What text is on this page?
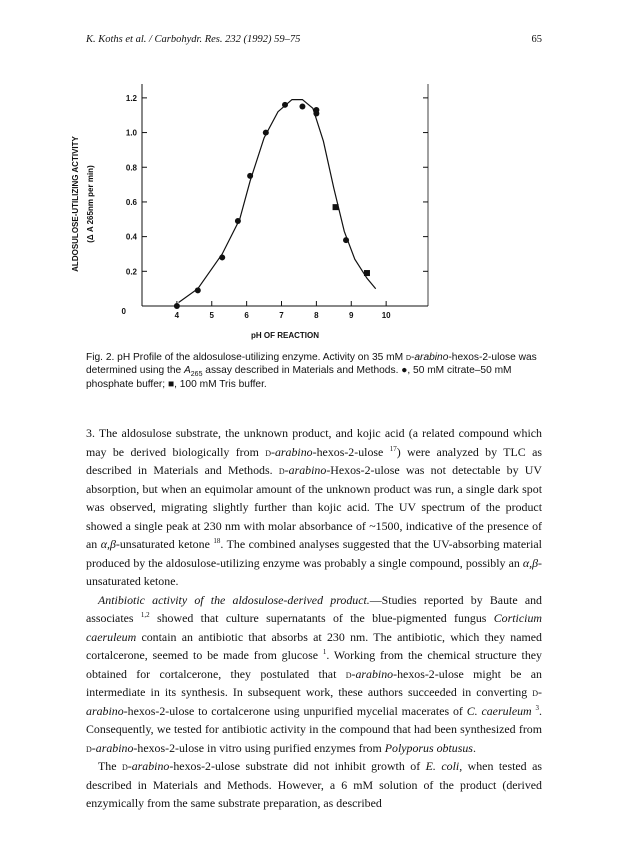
K. Koths et al. / Carbohydr. Res. 232 (1992) 59–75	65
0
0.2
0.4
0.6
0.8
1.0
1.2
4	5	6	7	8	9	10
pH OF REACTION
ALDOSULOSE-UTILIZING ACTIVITY (Δ A 265nm per min)

Fig. 2. pH Profile of the aldosulose-utilizing enzyme. Activity on 35 mM d-arabino-hexos-2-ulose was determined using the $A_{265}$ assay described in Materials and Methods. ●, 50 mM citrate–50 mM phosphate buffer; ■, 100 mM Tris buffer.

3. The aldosulose substrate, the unknown product, and kojic acid (a related compound which may be derived biologically from d-arabino-hexos-2-ulose $^{17}$) were analyzed by TLC as described in Materials and Methods. d-arabino-Hexos-2-ulose was not detectable by UV absorption, but when an equimolar amount of the unknown product was run, a single dark spot was observed, migrating slightly further than kojic acid. The UV spectrum of the product showed a single peak at 230 nm with molar absorbance of ~1500, indicative of the presence of an α,β-unsaturated ketone $^{18}$. The combined analyses suggested that the UV-absorbing material produced by the aldosulose-utilizing enzyme was probably a single compound, possibly an α,β-unsaturated ketone.

Antibiotic activity of the aldosulose-derived product.—Studies reported by Baute and associates $^{1,2}$ showed that culture supernatants of the blue-pigmented fungus Corticium caeruleum contain an antibiotic that absorbs at 230 nm. The antibiotic, which they named cortalcerone, seemed to be made from glucose $^1$. Working from the chemical structure they obtained for cortalcerone, they postulated that d-arabino-hexos-2-ulose might be an intermediate in its synthesis. In subsequent work, these authors succeeded in converting d-arabino-hexos-2-ulose to cortalcerone using unpurified mycelial macerates of C. caeruleum $^3$. Consequently, we tested for antibiotic activity in the compound that had been synthesized from d-arabino-hexos-2-ulose in vitro using purified enzymes from Polyporus obtusus.

The d-arabino-hexos-2-ulose substrate did not inhibit growth of E. coli, when tested as described in Materials and Methods. However, a 6 mM solution of the product (derived enzymically from the same substrate preparation, as described
